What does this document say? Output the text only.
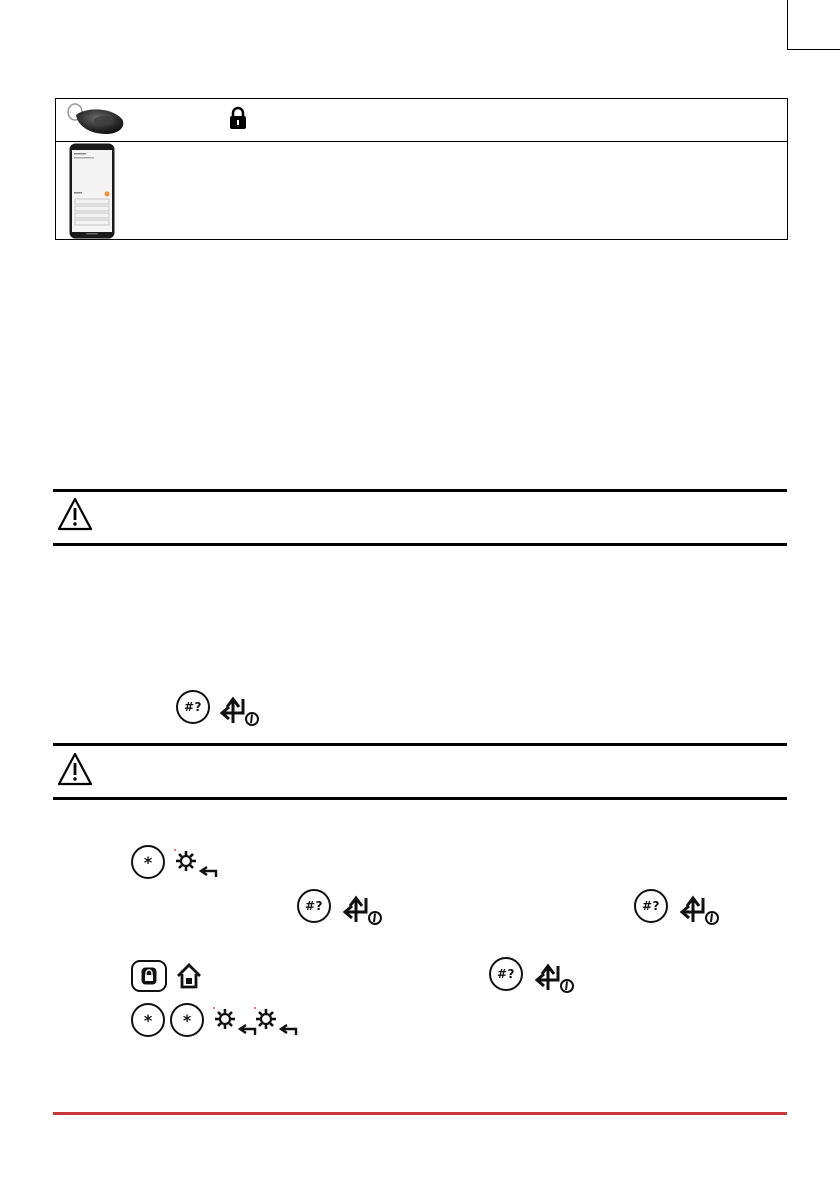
#?
*
#?	#?
#?
*	*
